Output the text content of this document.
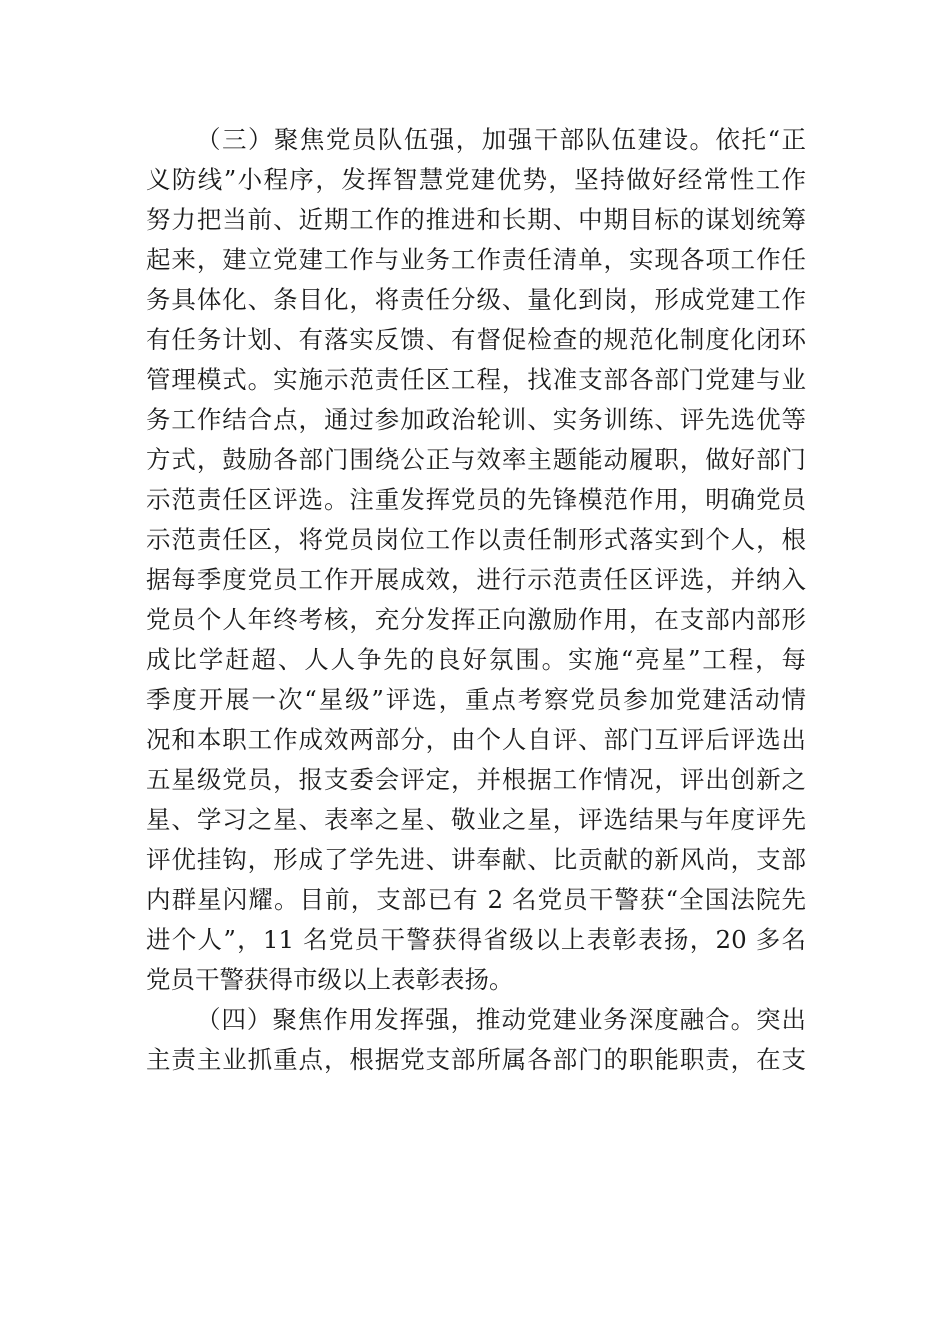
（三）聚焦党员队伍强，加强干部队伍建设。依托“正
义防线”小程序，发挥智慧党建优势，坚持做好经常性工作
努力把当前、近期工作的推进和长期、中期目标的谋划统筹
起来，建立党建工作与业务工作责任清单，实现各项工作任
务具体化、条目化，将责任分级、量化到岗，形成党建工作
有任务计划、有落实反馈、有督促检查的规范化制度化闭环
管理模式。实施示范责任区工程，找准支部各部门党建与业
务工作结合点，通过参加政治轮训、实务训练、评先选优等
方式，鼓励各部门围绕公正与效率主题能动履职，做好部门
示范责任区评选。注重发挥党员的先锋模范作用，明确党员
示范责任区，将党员岗位工作以责任制形式落实到个人，根
据每季度党员工作开展成效，进行示范责任区评选，并纳入
党员个人年终考核，充分发挥正向激励作用，在支部内部形
成比学赶超、人人争先的良好氛围。实施“亮星”工程，每
季度开展一次“星级”评选，重点考察党员参加党建活动情
况和本职工作成效两部分，由个人自评、部门互评后评选出
五星级党员，报支委会评定，并根据工作情况，评出创新之
星、学习之星、表率之星、敬业之星，评选结果与年度评先
评优挂钩，形成了学先进、讲奉献、比贡献的新风尚，支部
内群星闪耀。目前，支部已有 2 名党员干警获“全国法院先
进个人”，11 名党员干警获得省级以上表彰表扬，20 多名
党员干警获得市级以上表彰表扬。
（四）聚焦作用发挥强，推动党建业务深度融合。突出
主责主业抓重点，根据党支部所属各部门的职能职责，在支
